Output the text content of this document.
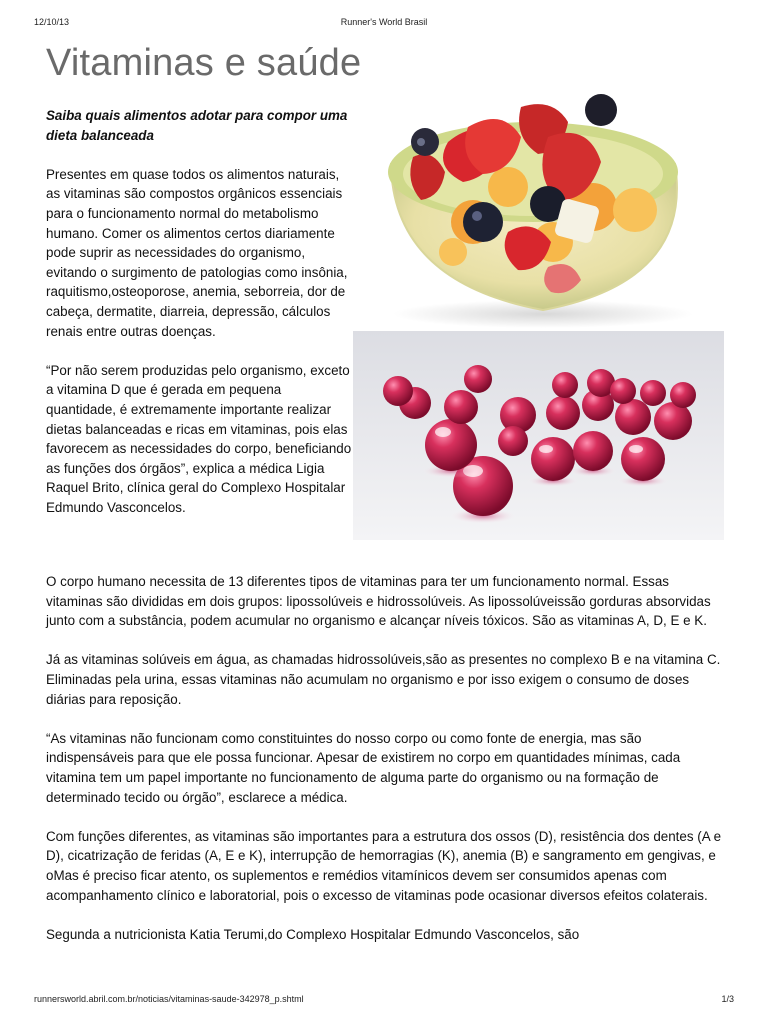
12/10/13	Runner's World Brasil
Vitaminas e saúde

Saiba quais alimentos adotar para compor uma dieta balanceada

Presentes em quase todos os alimentos naturais, as vitaminas são compostos orgânicos essenciais para o funcionamento normal do metabolismo humano. Comer os alimentos certos diariamente pode suprir as necessidades do organismo, evitando o surgimento de patologias como insônia, raquitismo,osteoporose, anemia, seborreia, dor de cabeça, dermatite, diarreia, depressão, cálculos renais entre outras doenças.

“Por não serem produzidas pelo organismo, exceto a vitamina D que é gerada em pequena quantidade, é extremamente importante realizar dietas balanceadas e ricas em vitaminas, pois elas favorecem as necessidades do corpo, beneficiando as funções dos órgãos”, explica a médica Ligia Raquel Brito, clínica geral do Complexo Hospitalar Edmundo Vasconcelos.

O corpo humano necessita de 13 diferentes tipos de vitaminas para ter um funcionamento normal. Essas vitaminas são divididas em dois grupos: lipossolúveis e hidrossolúveis. As lipossolúveissão gorduras absorvidas junto com a substância, podem acumular no organismo e alcançar níveis tóxicos. São as vitaminas A, D, E e K.

Já as vitaminas solúveis em água, as chamadas hidrossolúveis,são as presentes no complexo B e na vitamina C. Eliminadas pela urina, essas vitaminas não acumulam no organismo e por isso exigem o consumo de doses diárias para reposição.

“As vitaminas não funcionam como constituintes do nosso corpo ou como fonte de energia, mas são indispensáveis para que ele possa funcionar. Apesar de existirem no corpo em quantidades mínimas, cada vitamina tem um papel importante no funcionamento de alguma parte do organismo ou na formação de determinado tecido ou órgão”, esclarece a médica.

Com funções diferentes, as vitaminas são importantes para a estrutura dos ossos (D), resistência dos dentes (A e D), cicatrização de feridas (A, E e K), interrupção de hemorragias (K), anemia (B) e sangramento em gengivas, e oMas é preciso ficar atento, os suplementos e remédios vitamínicos devem ser consumidos apenas com acompanhamento clínico e laboratorial, pois o excesso de vitaminas pode ocasionar diversos efeitos colaterais.

Segunda a nutricionista Katia Terumi,do Complexo Hospitalar Edmundo Vasconcelos, são

runnersworld.abril.com.br/noticias/vitaminas-saude-342978_p.shtml	1/3
